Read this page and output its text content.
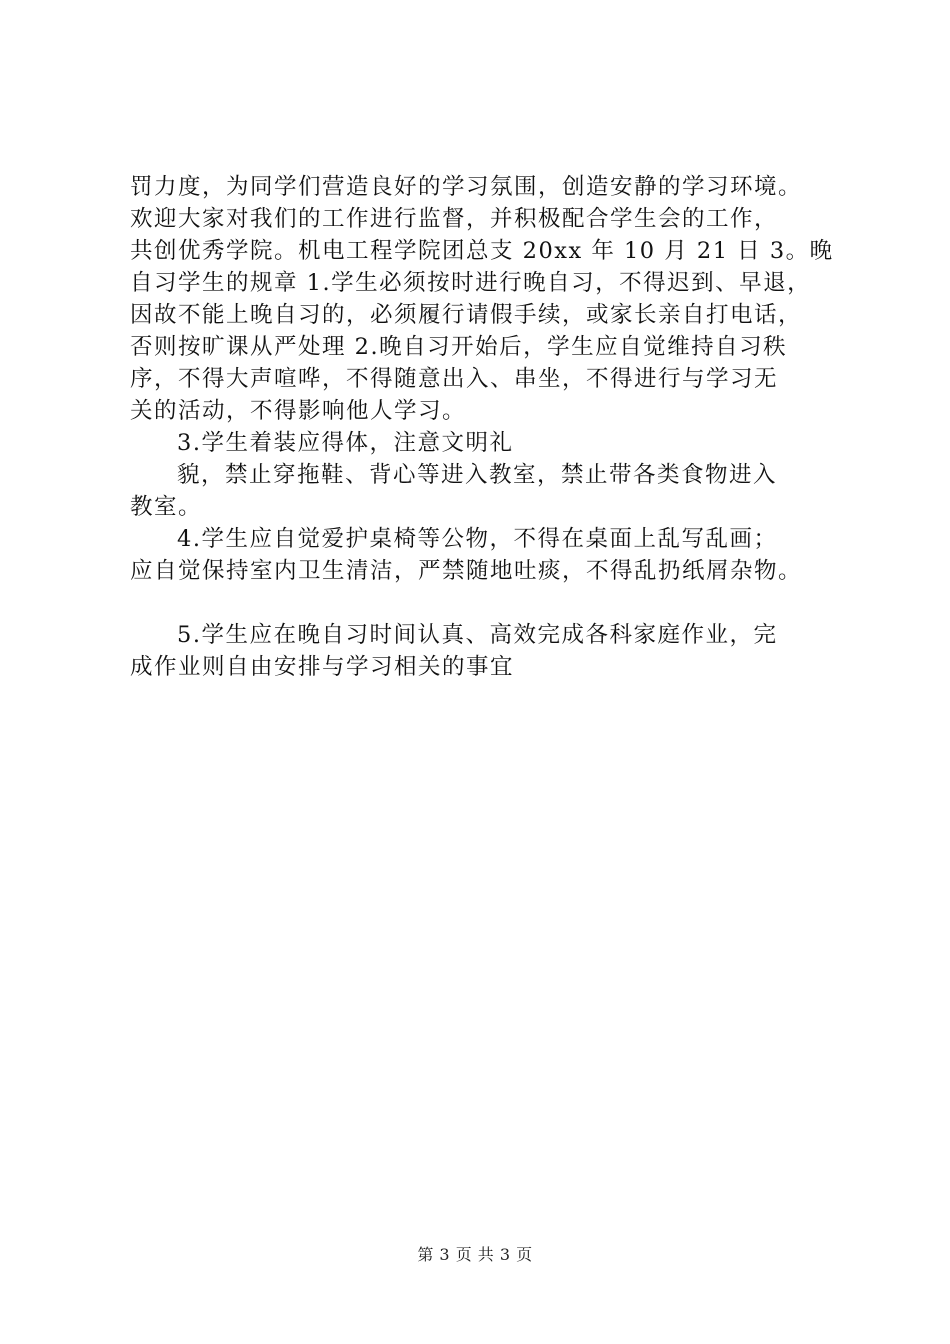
罚力度，为同学们营造良好的学习氛围，创造安静的学习环境。
欢迎大家对我们的工作进行监督，并积极配合学生会的工作，
共创优秀学院。机电工程学院团总支 20xx 年 10 月 21 日 3。晚
自习学生的规章 1.学生必须按时进行晚自习，不得迟到、早退，
因故不能上晚自习的，必须履行请假手续，或家长亲自打电话，
否则按旷课从严处理 2.晚自习开始后，学生应自觉维持自习秩
序，不得大声喧哗，不得随意出入、串坐，不得进行与学习无
关的活动，不得影响他人学习。
3.学生着装应得体，注意文明礼
貌，禁止穿拖鞋、背心等进入教室，禁止带各类食物进入
教室。
4.学生应自觉爱护桌椅等公物，不得在桌面上乱写乱画；
应自觉保持室内卫生清洁，严禁随地吐痰，不得乱扔纸屑杂物。
5.学生应在晚自习时间认真、高效完成各科家庭作业，完
成作业则自由安排与学习相关的事宜
第 3 页 共 3 页
